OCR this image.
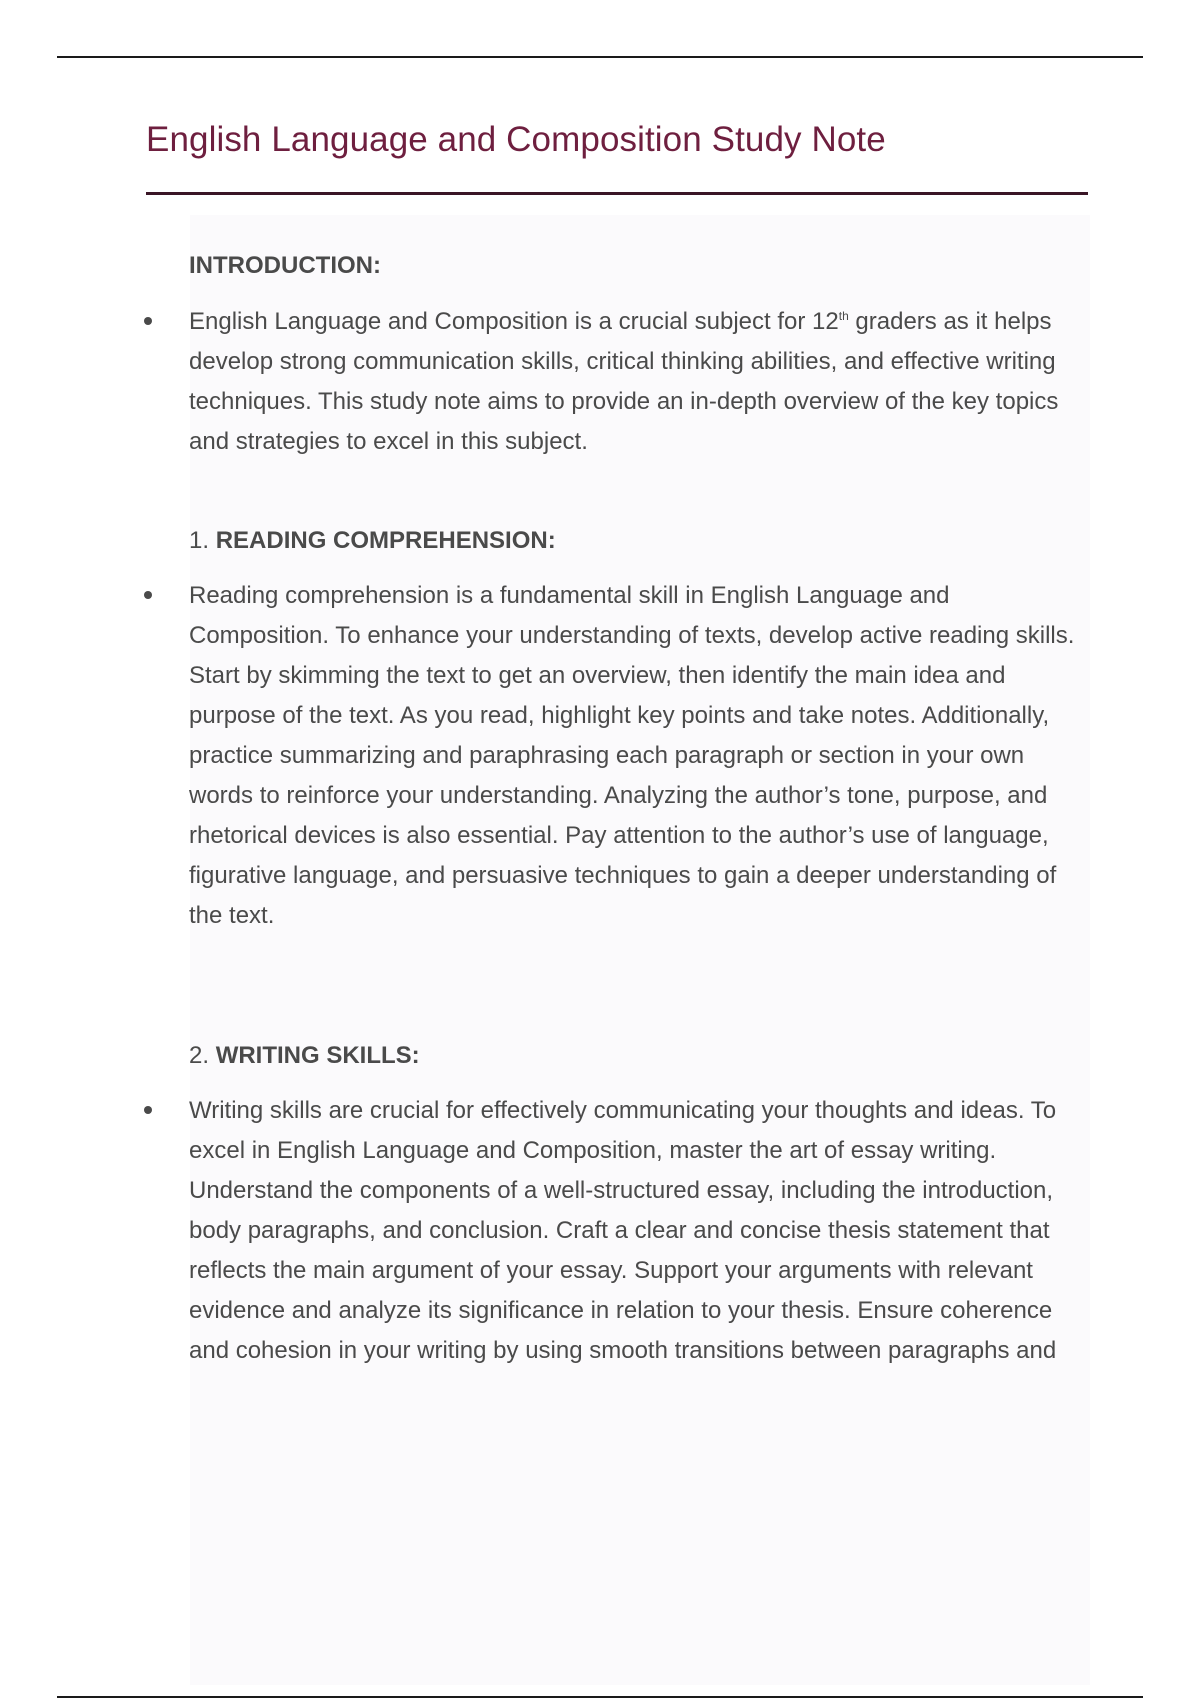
English Language and Composition Study Note
INTRODUCTION:

English Language and Composition is a crucial subject for 12th graders as it helps develop strong communication skills, critical thinking abilities, and effective writing techniques. This study note aims to provide an in-depth overview of the key topics and strategies to excel in this subject.

1. READING COMPREHENSION:

Reading comprehension is a fundamental skill in English Language and Composition. To enhance your understanding of texts, develop active reading skills. Start by skimming the text to get an overview, then identify the main idea and purpose of the text. As you read, highlight key points and take notes. Additionally, practice summarizing and paraphrasing each paragraph or section in your own words to reinforce your understanding. Analyzing the author’s tone, purpose, and rhetorical devices is also essential. Pay attention to the author’s use of language, figurative language, and persuasive techniques to gain a deeper understanding of the text.

2. WRITING SKILLS:

Writing skills are crucial for effectively communicating your thoughts and ideas. To excel in English Language and Composition, master the art of essay writing. Understand the components of a well-structured essay, including the introduction, body paragraphs, and conclusion. Craft a clear and concise thesis statement that reflects the main argument of your essay. Support your arguments with relevant evidence and analyze its significance in relation to your thesis. Ensure coherence and cohesion in your writing by using smooth transitions between paragraphs and
